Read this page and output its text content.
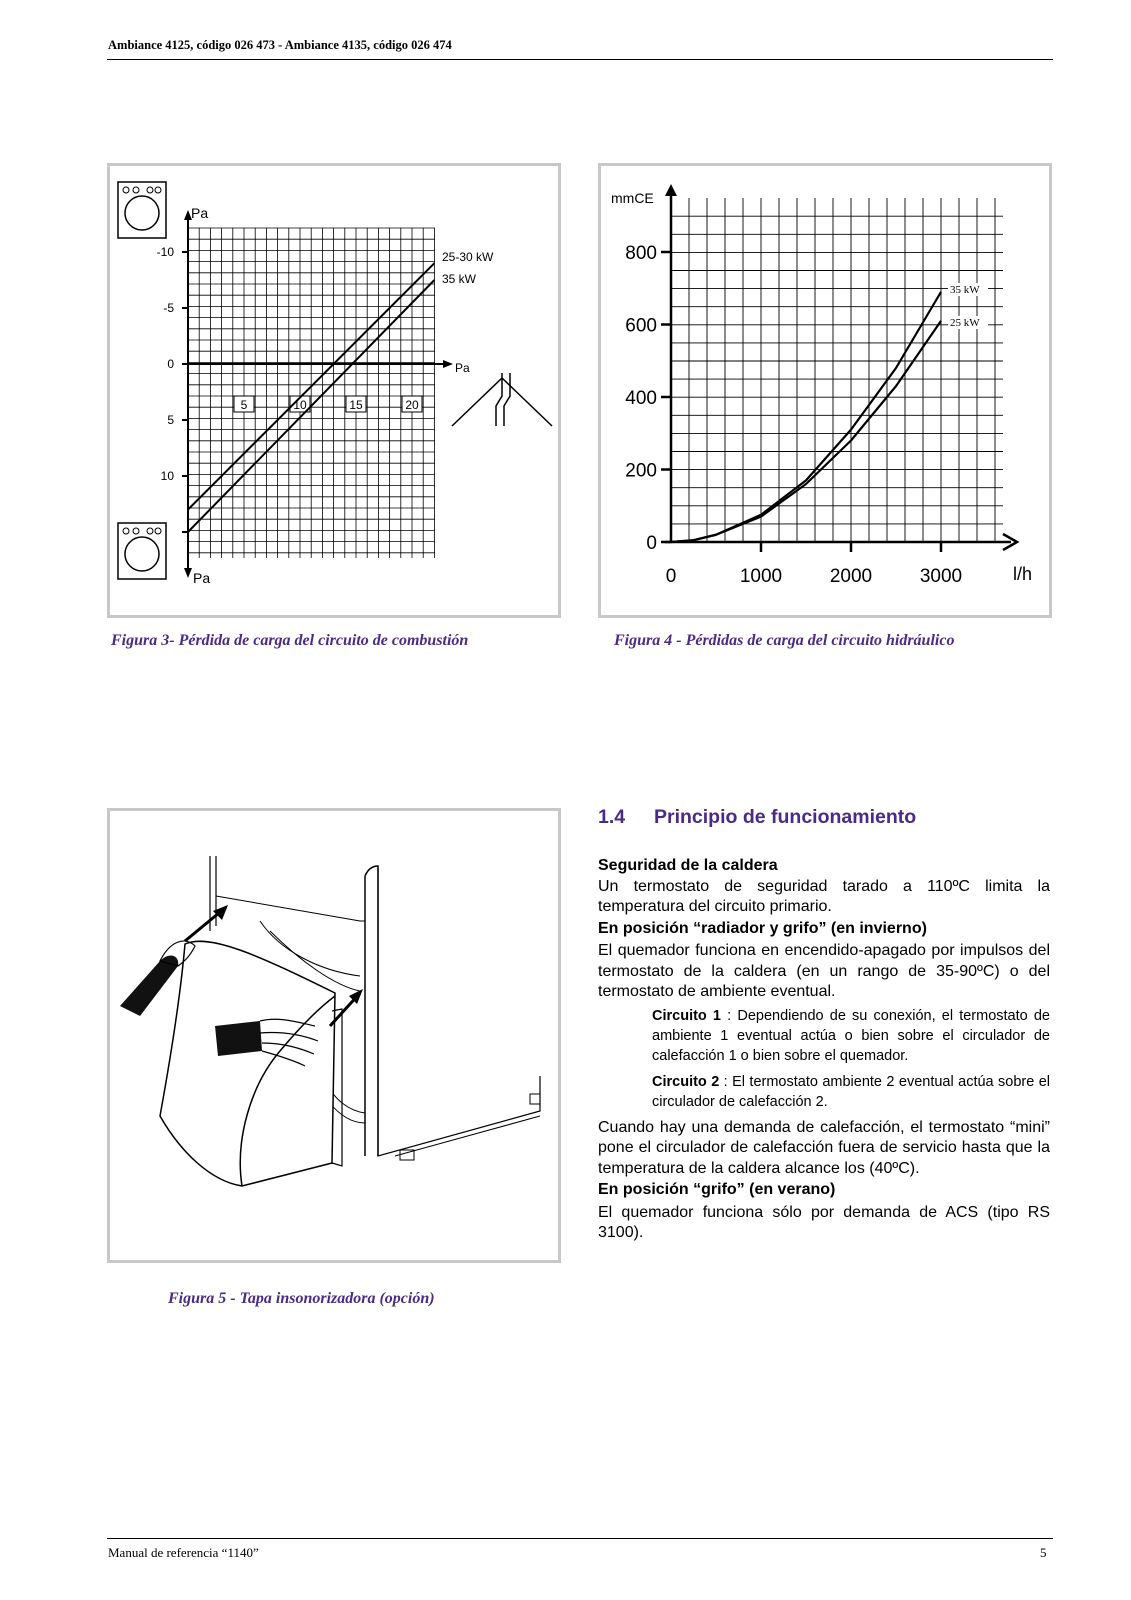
Ambiance 4125, código 026 473 - Ambiance 4135, código 026 474
-10
-5
0
5
10
5	10	15	20
Pa
Pa
Pa
25-30 kW
35 kW
Figura 3- Pérdida de carga del circuito de combustión
800
600
400
200
0
0	1000	2000	3000
35 kW
25 kW
mmCE
l/h
Figura 4 - Pérdidas de carga del circuito hidráulico
Figura 5 - Tapa insonorizadora (opción)
1.4 Principio de funcionamiento

Seguridad de la caldera

Un termostato de seguridad tarado a 110ºC limita la temperatura del circuito primario.

En posición “radiador y grifo” (en invierno)

El quemador funciona en encendido-apagado por impulsos del termostato de la caldera (en un rango de 35-90ºC) o del termostato de ambiente eventual.

Circuito 1 : Dependiendo de su conexión, el termostato de ambiente 1 eventual actúa o bien sobre el circulador de calefacción 1 o bien sobre el quemador.

Circuito 2 : El termostato ambiente 2 eventual actúa sobre el circulador de calefacción 2.

Cuando hay una demanda de calefacción, el termostato “mini” pone el circulador de calefacción fuera de servicio hasta que la temperatura de la caldera alcance los (40ºC).

En posición “grifo” (en verano)

El quemador funciona sólo por demanda de ACS (tipo RS 3100).

Manual de referencia “1140”	5
